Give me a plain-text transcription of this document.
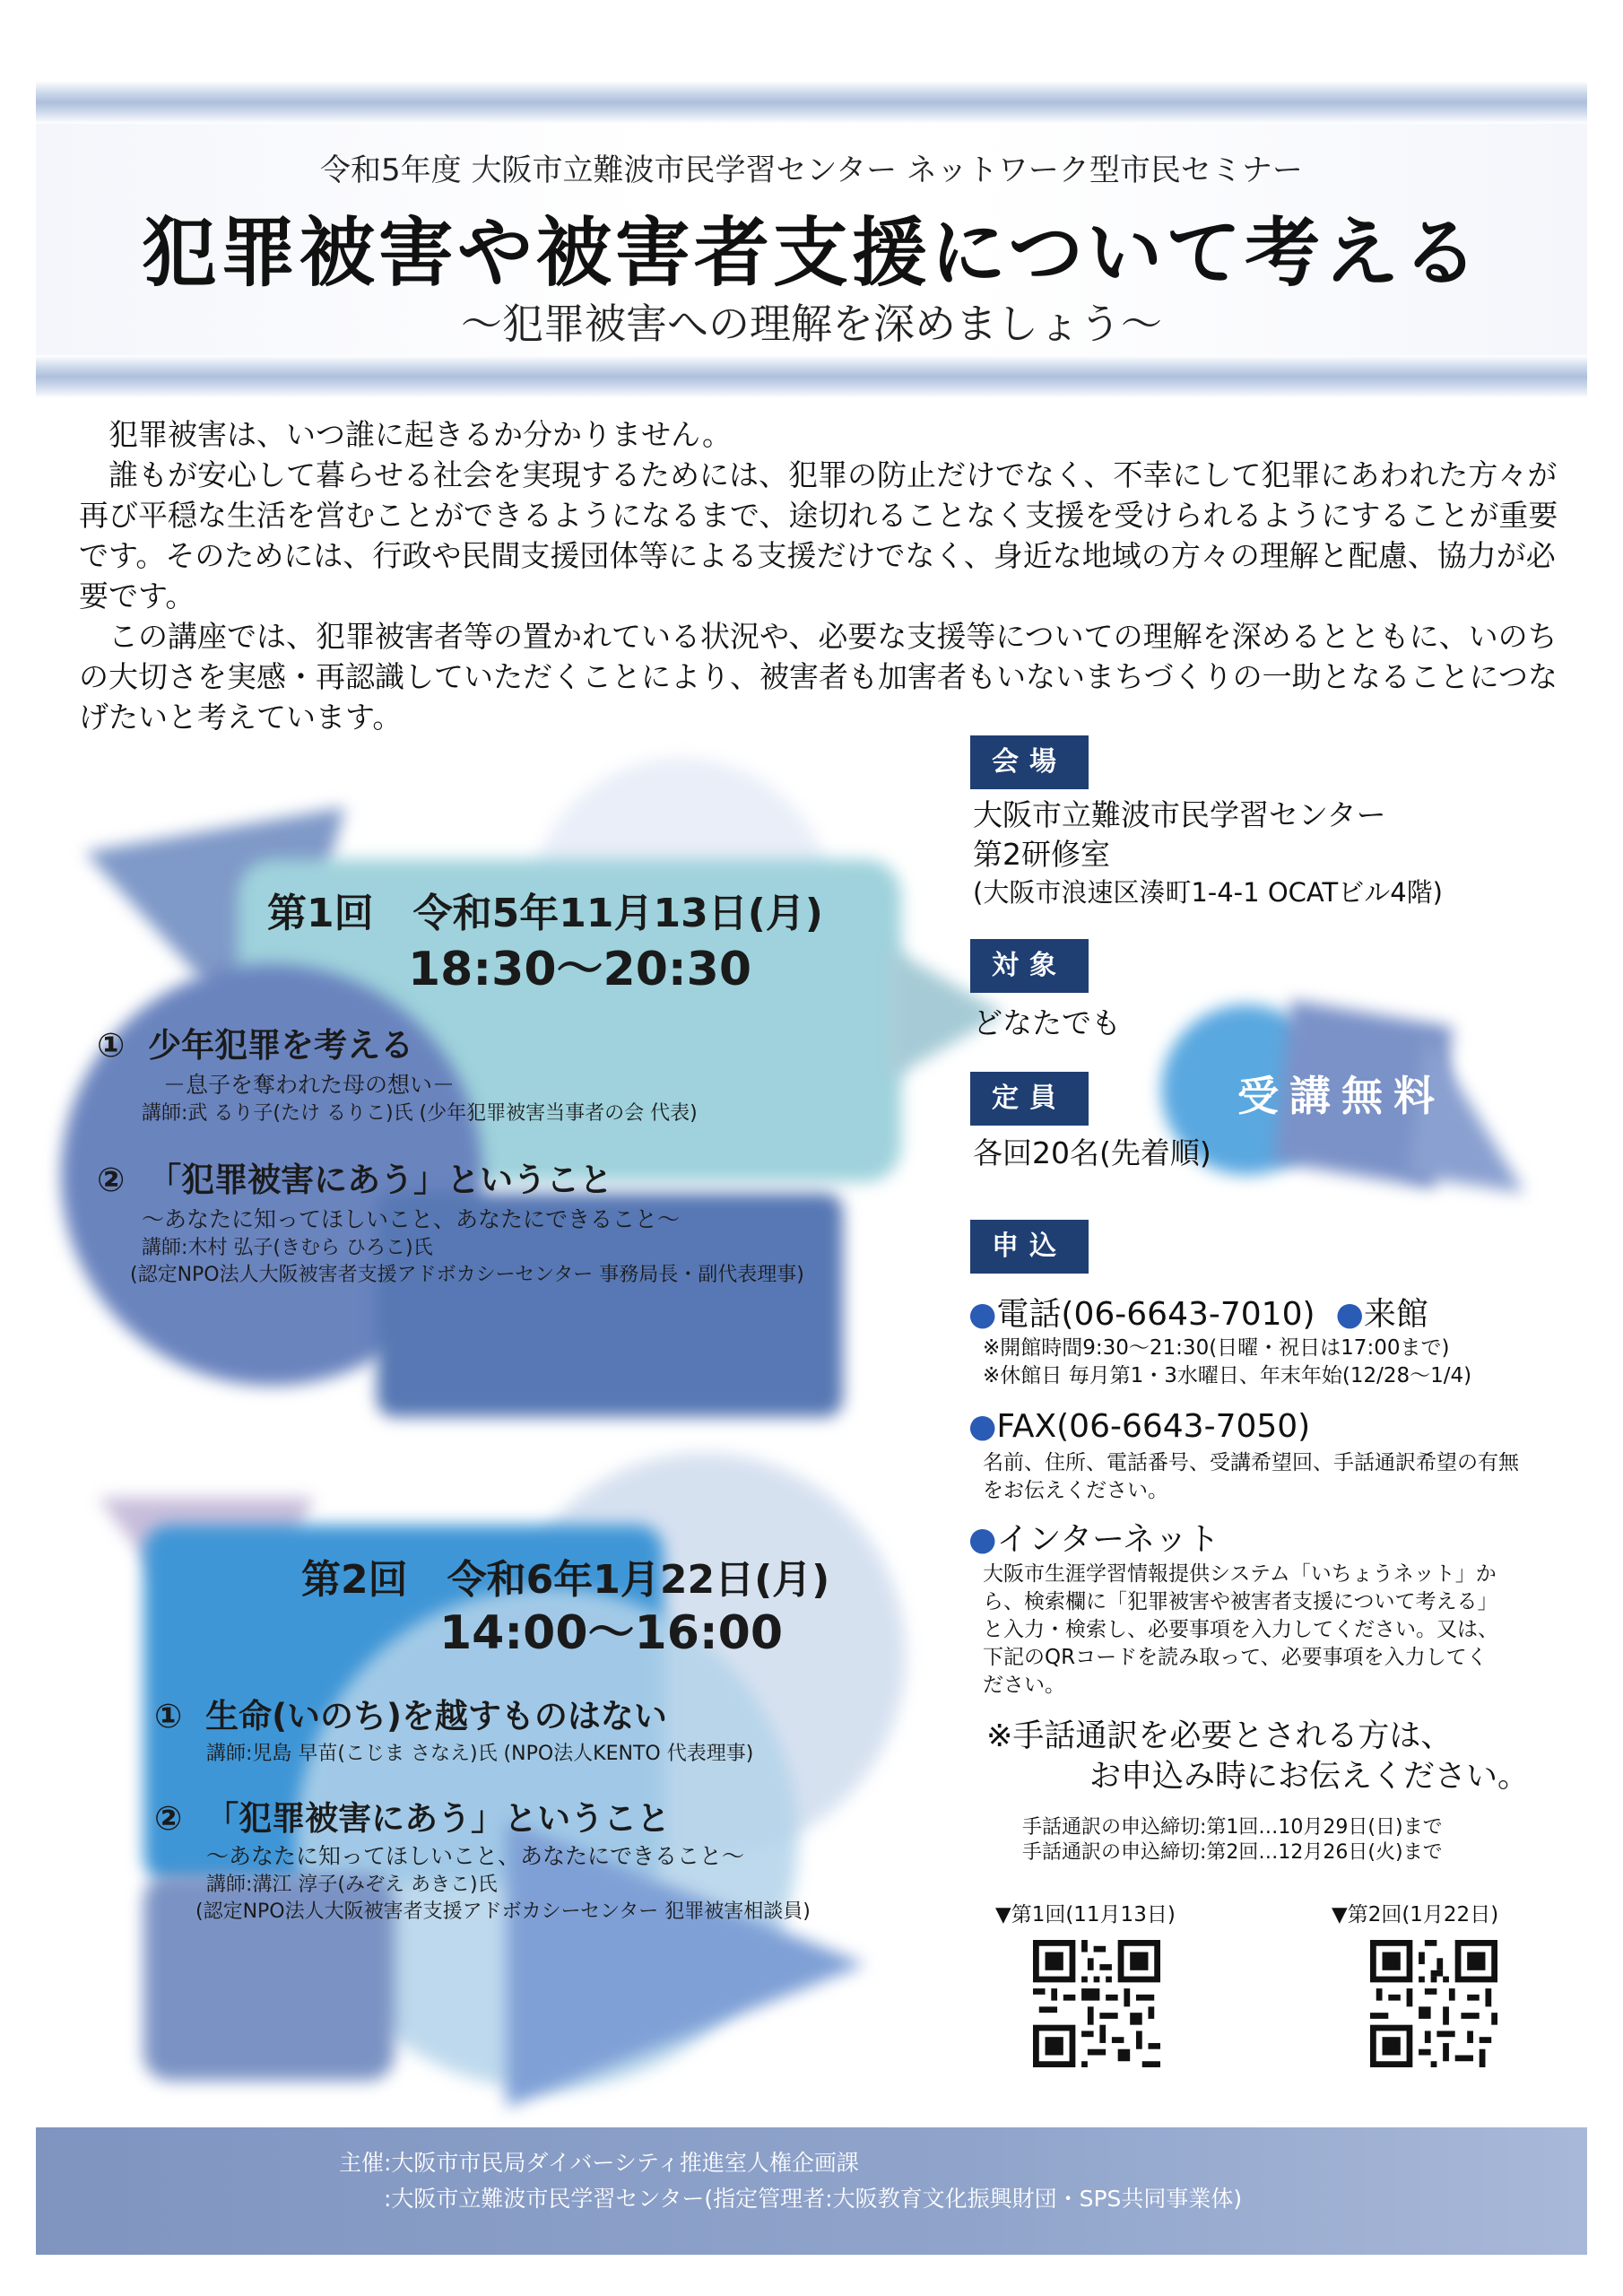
令和5年度 大阪市立難波市民学習センター ネットワーク型市民セミナー
犯罪被害や被害者支援について考える
～犯罪被害への理解を深めましょう～

犯罪被害は、いつ誰に起きるか分かりません。

誰もが安心して暮らせる社会を実現するためには、犯罪の防止だけでなく、不幸にして犯罪にあわれた方々が再び平穏な生活を営むことができるようになるまで、途切れることなく支援を受けられるようにすることが重要です。そのためには、行政や民間支援団体等による支援だけでなく、身近な地域の方々の理解と配慮、協力が必要です。

この講座では、犯罪被害者等の置かれている状況や、必要な支援等についての理解を深めるとともに、いのちの大切さを実感・再認識していただくことにより、被害者も加害者もいないまちづくりの一助となることにつなげたいと考えています。

第1回　令和5年11月13日(月)
18:30～20:30
① 少年犯罪を考える
－息子を奪われた母の想い－
講師:武 るり子(たけ るりこ)氏 (少年犯罪被害当事者の会 代表)
② 「犯罪被害にあう」ということ
～あなたに知ってほしいこと、あなたにできること～
講師:木村 弘子(きむら ひろこ)氏
(認定NPO法人大阪被害者支援アドボカシーセンター 事務局長・副代表理事)
第2回　令和6年1月22日(月)
14:00～16:00
① 生命(いのち)を越すものはない
講師:児島 早苗(こじま さなえ)氏 (NPO法人KENTO 代表理事)
② 「犯罪被害にあう」ということ
～あなたに知ってほしいこと、あなたにできること～
講師:溝江 淳子(みぞえ あきこ)氏
(認定NPO法人大阪被害者支援アドボカシーセンター 犯罪被害相談員)
会場
大阪市立難波市民学習センター
第2研修室
(大阪市浪速区湊町1-4-1 OCATビル4階)
対象
どなたでも
受講無料
定員
各回20名(先着順)
申込
●電話(06-6643-7010) ●来館
※開館時間9:30～21:30(日曜・祝日は17:00まで)
※休館日 毎月第1・3水曜日、年末年始(12/28～1/4)
●FAX(06-6643-7050)
名前、住所、電話番号、受講希望回、手話通訳希望の有無
をお伝えください。
●インターネット
大阪市生涯学習情報提供システム「いちょうネット」か
ら、検索欄に「犯罪被害や被害者支援について考える」
と入力・検索し、必要事項を入力してください。又は、
下記のQRコードを読み取って、必要事項を入力してく
ださい。
※手話通訳を必要とされる方は、
お申込み時にお伝えください。
手話通訳の申込締切:第1回…10月29日(日)まで
手話通訳の申込締切:第2回…12月26日(火)まで
▼第1回(11月13日)	▼第2回(1月22日)
主催:大阪市市民局ダイバーシティ推進室人権企画課
:大阪市立難波市民学習センター(指定管理者:大阪教育文化振興財団・SPS共同事業体)
